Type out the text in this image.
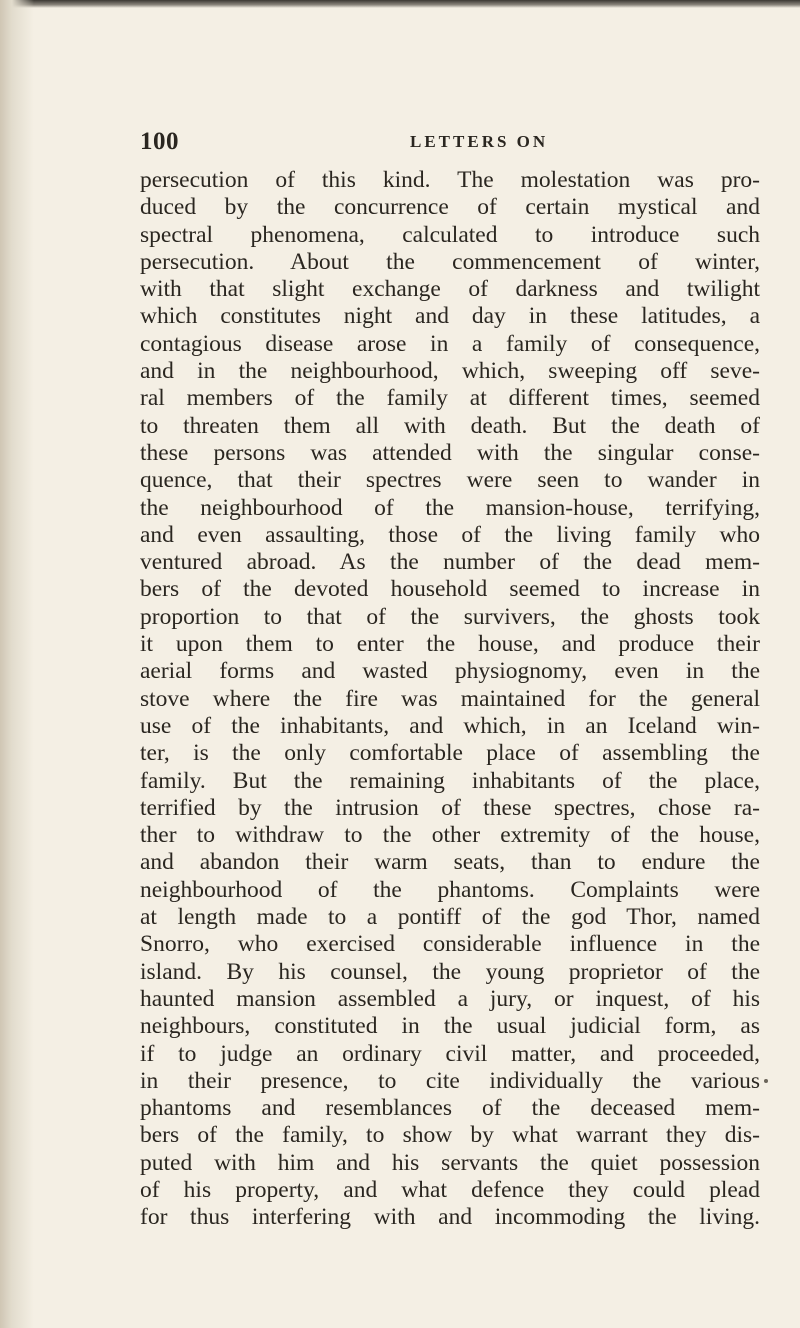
100	LETTERS ON
persecution of this kind. The molestation was pro-
duced by the concurrence of certain mystical and
spectral phenomena, calculated to introduce such
persecution. About the commencement of winter,
with that slight exchange of darkness and twilight
which constitutes night and day in these latitudes, a
contagious disease arose in a family of consequence,
and in the neighbourhood, which, sweeping off seve-
ral members of the family at different times, seemed
to threaten them all with death. But the death of
these persons was attended with the singular conse-
quence, that their spectres were seen to wander in
the neighbourhood of the mansion-house, terrifying,
and even assaulting, those of the living family who
ventured abroad. As the number of the dead mem-
bers of the devoted household seemed to increase in
proportion to that of the survivers, the ghosts took
it upon them to enter the house, and produce their
aerial forms and wasted physiognomy, even in the
stove where the fire was maintained for the general
use of the inhabitants, and which, in an Iceland win-
ter, is the only comfortable place of assembling the
family. But the remaining inhabitants of the place,
terrified by the intrusion of these spectres, chose ra-
ther to withdraw to the other extremity of the house,
and abandon their warm seats, than to endure the
neighbourhood of the phantoms. Complaints were
at length made to a pontiff of the god Thor, named
Snorro, who exercised considerable influence in the
island. By his counsel, the young proprietor of the
haunted mansion assembled a jury, or inquest, of his
neighbours, constituted in the usual judicial form, as
if to judge an ordinary civil matter, and proceeded,
in their presence, to cite individually the various
phantoms and resemblances of the deceased mem-
bers of the family, to show by what warrant they dis-
puted with him and his servants the quiet possession
of his property, and what defence they could plead
for thus interfering with and incommoding the living.
